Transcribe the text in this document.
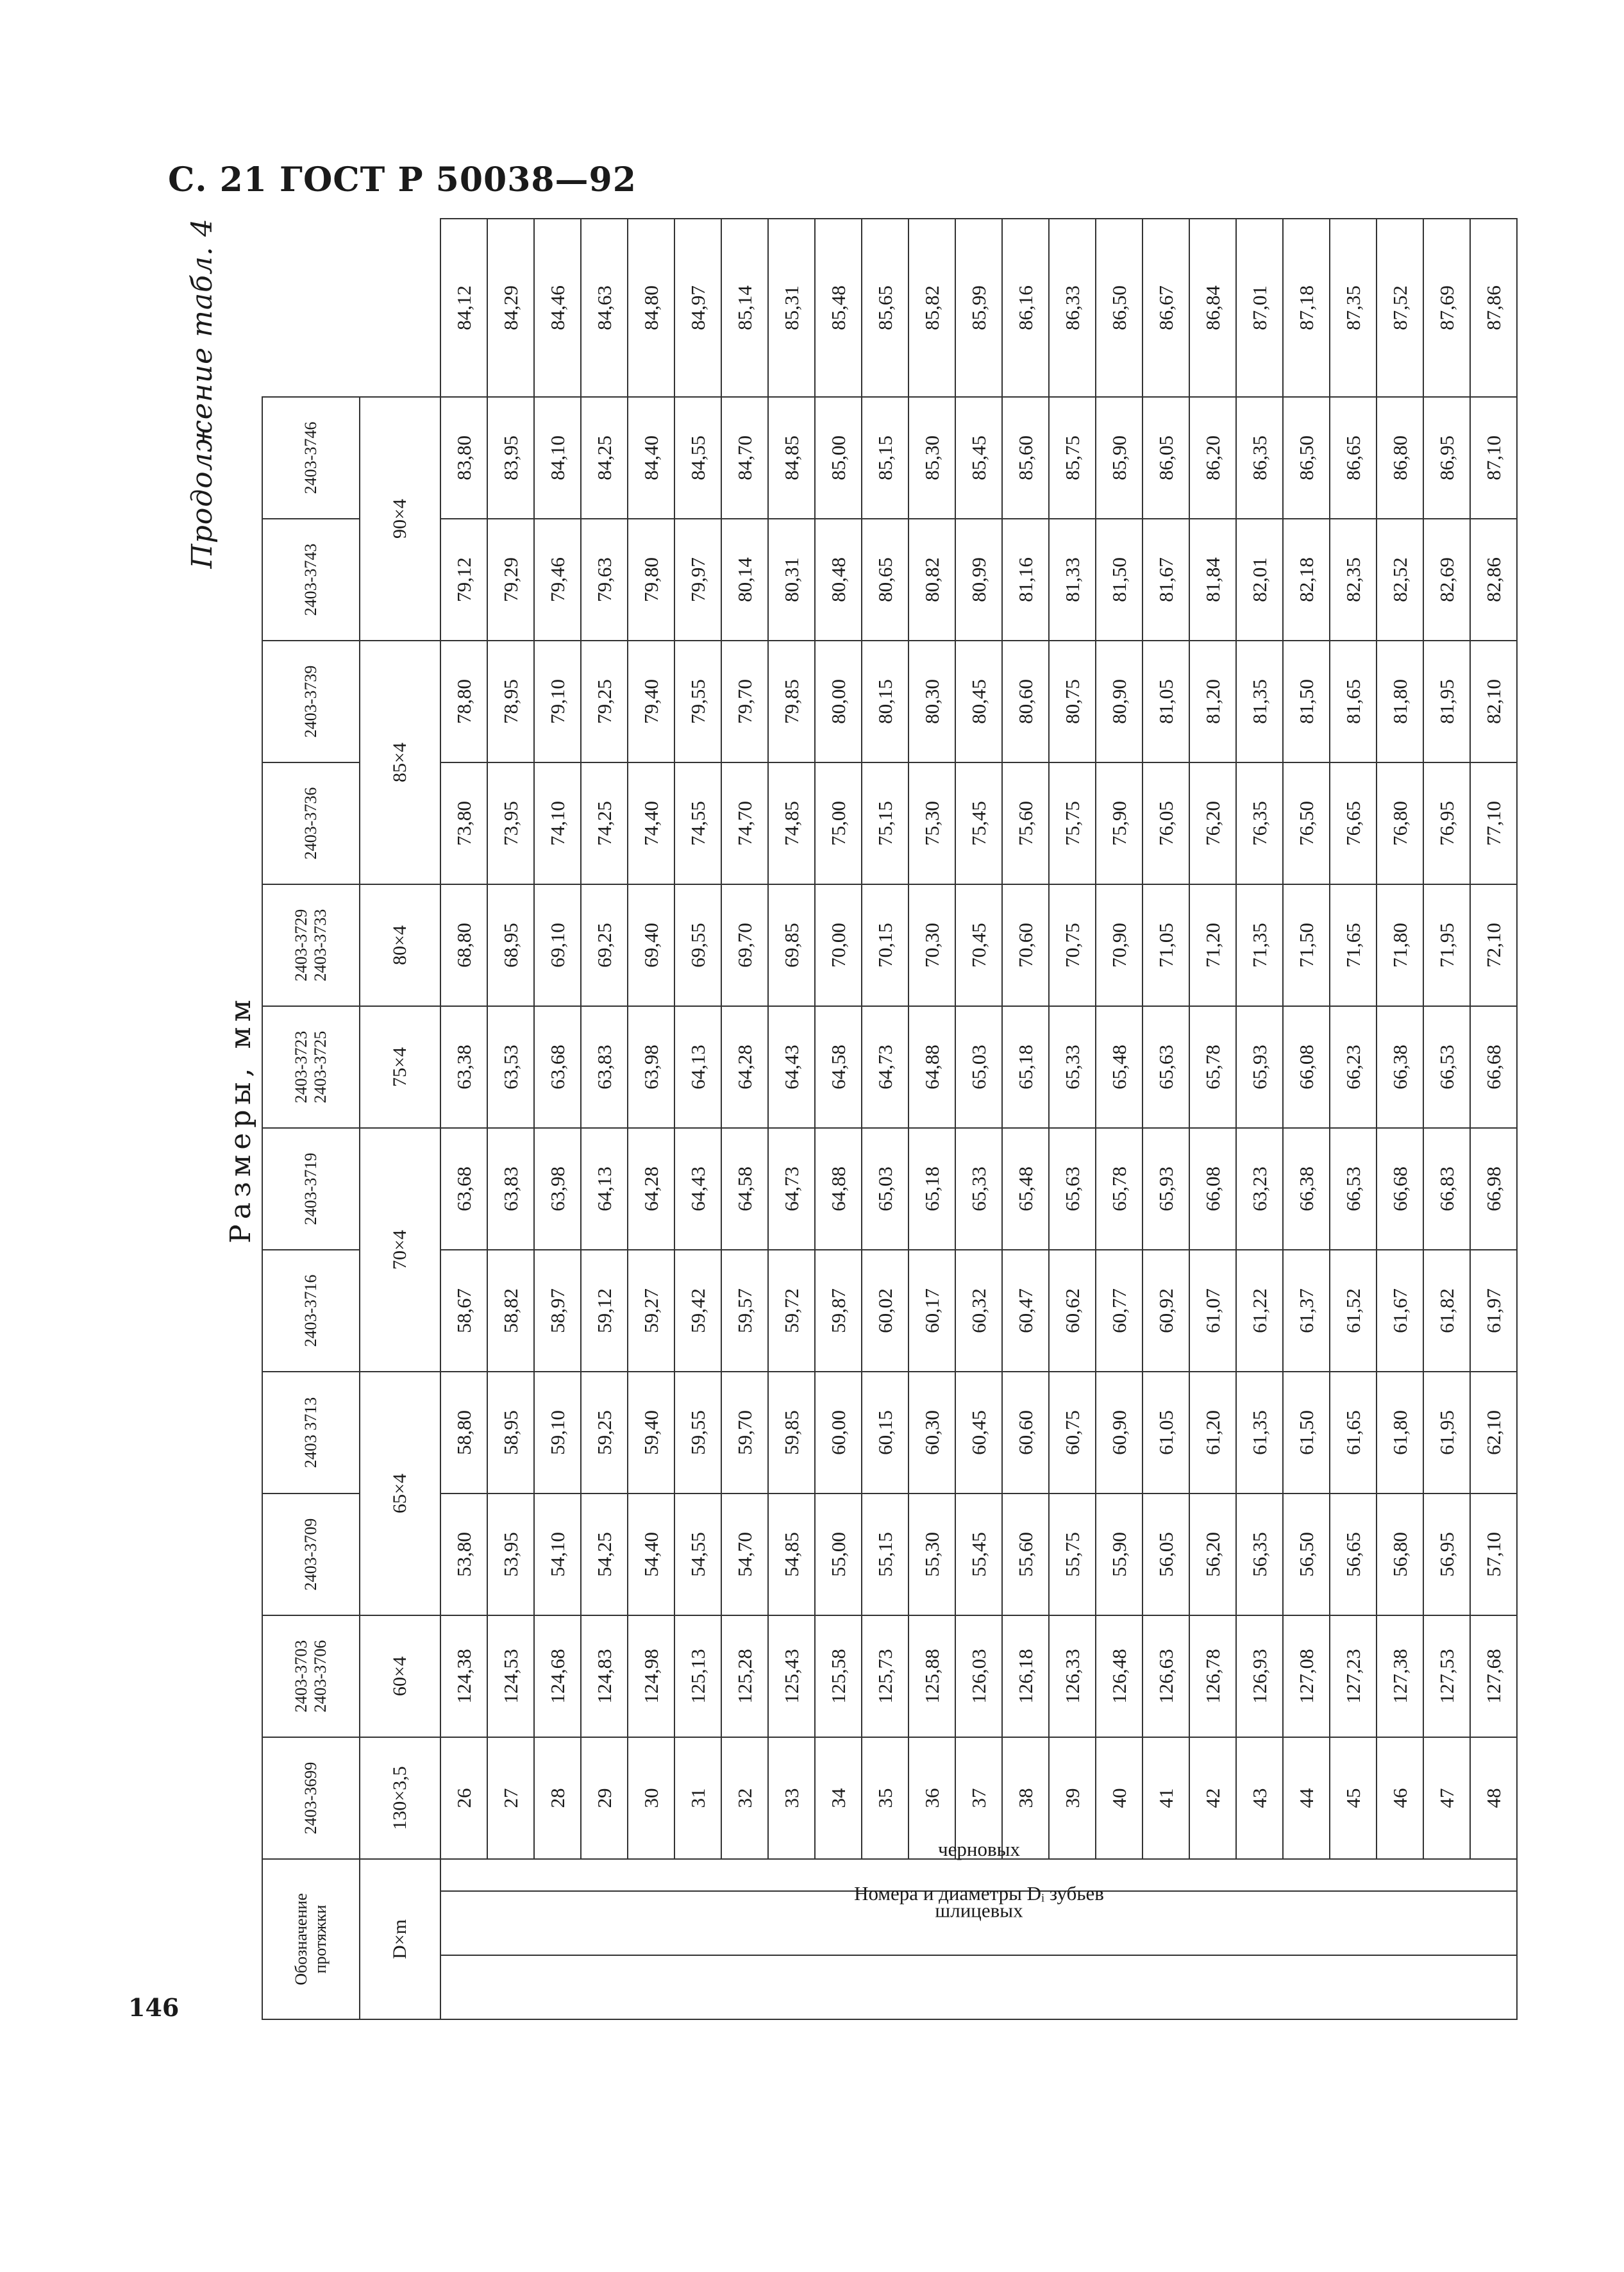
С. 21 ГОСТ Р 50038—92
146
Продолжение табл. 4
Размеры, мм
Обозначение протяжки			2403-3699	2403-3703 2403-3706	2403-3709	2403 3713	2403-3716	2403-3719	2403-3723 2403-3725	2403-3729 2403-3733	2403-3736	2403-3739	2403-3743	2403-3746	

D×m			130×3,5	60×4	65×4		70×4		75×4	80×4	85×4		90×4		
Номера и диаметры Dᵢ зубьев	шлицевых	черновых	26	124,38	53,80	58,80	58,67	63,68	63,38	68,80	73,80	78,80	79,12	83,80	84,12
			27	124,53	53,95	58,95	58,82	63,83	63,53	68,95	73,95	78,95	79,29	83,95	84,29
			28	124,68	54,10	59,10	58,97	63,98	63,68	69,10	74,10	79,10	79,46	84,10	84,46
			29	124,83	54,25	59,25	59,12	64,13	63,83	69,25	74,25	79,25	79,63	84,25	84,63
			30	124,98	54,40	59,40	59,27	64,28	63,98	69,40	74,40	79,40	79,80	84,40	84,80
			31	125,13	54,55	59,55	59,42	64,43	64,13	69,55	74,55	79,55	79,97	84,55	84,97
			32	125,28	54,70	59,70	59,57	64,58	64,28	69,70	74,70	79,70	80,14	84,70	85,14
			33	125,43	54,85	59,85	59,72	64,73	64,43	69,85	74,85	79,85	80,31	84,85	85,31
			34	125,58	55,00	60,00	59,87	64,88	64,58	70,00	75,00	80,00	80,48	85,00	85,48
			35	125,73	55,15	60,15	60,02	65,03	64,73	70,15	75,15	80,15	80,65	85,15	85,65
			36	125,88	55,30	60,30	60,17	65,18	64,88	70,30	75,30	80,30	80,82	85,30	85,82
			37	126,03	55,45	60,45	60,32	65,33	65,03	70,45	75,45	80,45	80,99	85,45	85,99
			38	126,18	55,60	60,60	60,47	65,48	65,18	70,60	75,60	80,60	81,16	85,60	86,16
			39	126,33	55,75	60,75	60,62	65,63	65,33	70,75	75,75	80,75	81,33	85,75	86,33
			40	126,48	55,90	60,90	60,77	65,78	65,48	70,90	75,90	80,90	81,50	85,90	86,50
			41	126,63	56,05	61,05	60,92	65,93	65,63	71,05	76,05	81,05	81,67	86,05	86,67
			42	126,78	56,20	61,20	61,07	66,08	65,78	71,20	76,20	81,20	81,84	86,20	86,84
			43	126,93	56,35	61,35	61,22	63,23	65,93	71,35	76,35	81,35	82,01	86,35	87,01
			44	127,08	56,50	61,50	61,37	66,38	66,08	71,50	76,50	81,50	82,18	86,50	87,18
			45	127,23	56,65	61,65	61,52	66,53	66,23	71,65	76,65	81,65	82,35	86,65	87,35
			46	127,38	56,80	61,80	61,67	66,68	66,38	71,80	76,80	81,80	82,52	86,80	87,52
			47	127,53	56,95	61,95	61,82	66,83	66,53	71,95	76,95	81,95	82,69	86,95	87,69
			48	127,68	57,10	62,10	61,97	66,98	66,68	72,10	77,10	82,10	82,86	87,10	87,86
